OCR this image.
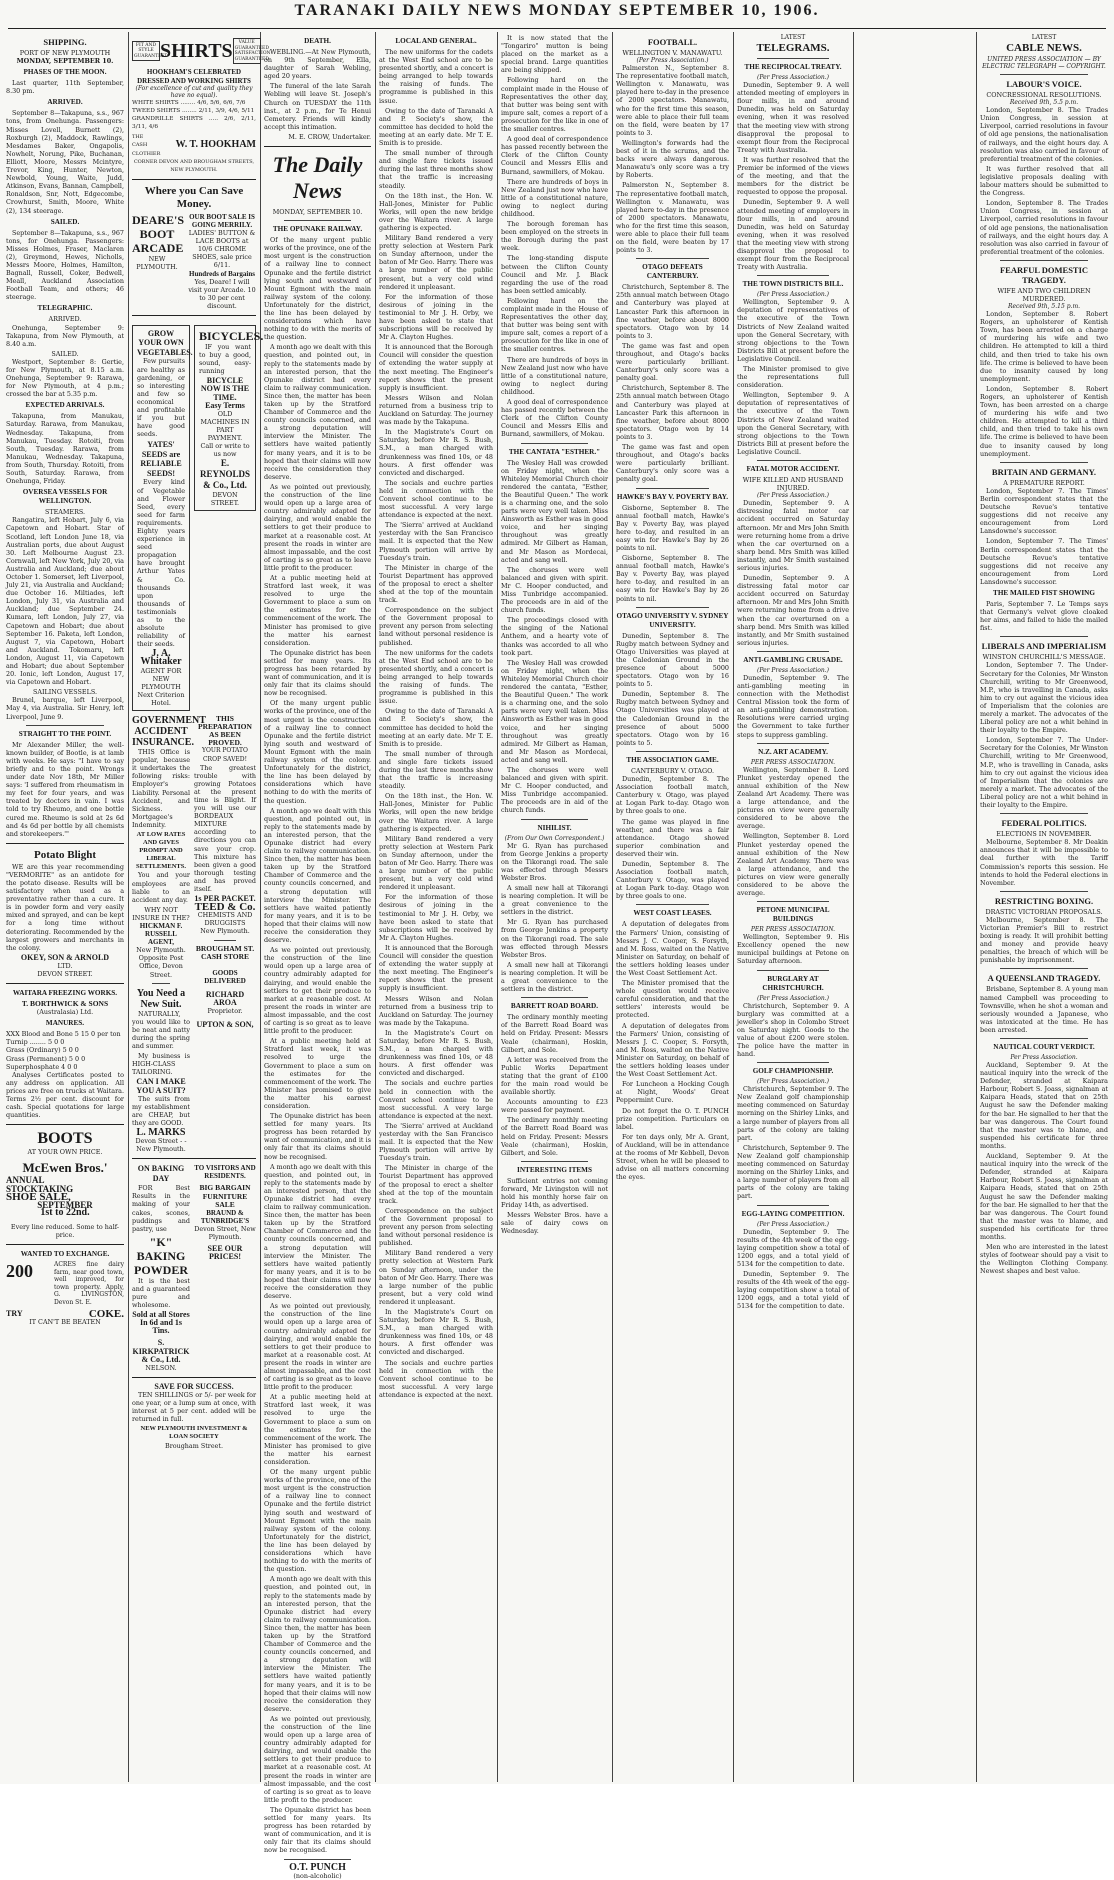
TARANAKI DAILY NEWS MONDAY SEPTEMBER 10, 1906.
SHIPPING.
PORT OF NEW PLYMOUTH
MONDAY, SEPTEMBER 10.
PHASES OF THE MOON.

Last quarter, 11th September, 8.30 pm.

ARRIVED.

September 8—Takapuna, s.s., 967 tons, from Onehunga. Passengers: Misses Lovell, Burnett (2), Roxburgh (2), Maddock, Rawlings, Mesdames Baker, Ongapolis, Nowhelt, Norung, Pike, Buchanan, Elliott, Moore, Messrs Mcintyre, Trevor, King, Hunter, Newton, Newbold, Young, Waite, Judd, Atkinson, Evans, Bannan, Campbell, Ronaldson, Snr, Nott, Edgecombe, Crowhurst, Smith, Moore, White (2), 134 steerage.

SAILED.

September 8—Takapuna, s.s., 967 tons, for Onehunga. Passengers: Misses Holmes, Fraser, Maclaren (2), Greymond, Hewes, Nicholls, Messrs Moore, Holmes, Hamilton, Bagnall, Russell, Coker, Bedwell, Meall, Auckland Association Football Team, and others; 46 steerage.

TELEGRAPHIC.
ARRIVED.

Onehunga, September 9: Takapuna, from New Plymouth, at 8.40 a.m.

SAILED.

Westport, September 8: Gertie, for New Plymouth, at 8.15 a.m. Onehunga, September 9: Rarawa, for New Plymouth, at 4 p.m.; crossed the bar at 5.35 p.m.

EXPECTED ARRIVALS.

Takapuna, from Manukau, Saturday. Rarawa, from Manukau, Wednesday. Takapuna, from Manukau, Tuesday. Rotoiti, from South, Tuesday. Rarawa, from Manukau, Wednesday. Takapuna, from South, Thursday. Rotoiti, from South, Saturday. Rarawa, from Onehunga, Friday.

OVERSEA VESSELS FOR WELLINGTON.
STEAMERS.

Rangatira, left Hobart, July 6, via Capetown and Hobart. Star of Scotland, left London June 18, via Australian ports, due about August 30. Left Melbourne August 23. Cornwall, left New York, July 20, via Australia and Auckland; due about October 1. Somerset, left Liverpool, July 21, via Australia and Auckland; due October 16. Miltiades, left London, July 31, via Australia and Auckland; due September 24. Kumara, left London, July 27, via Capetown and Hobart; due about September 16. Paketa, left London, August 7, via Capetown, Hobart and Auckland. Tokomaru, left London, August 11, via Capetown and Hobart; due about September 20. Ionic, left London, August 17, via Capetown and Hobart.

SAILING VESSELS.

Brunel, barque, left Liverpool, May 4, via Australia. Sir Henry, left Liverpool, June 9.

STRAIGHT TO THE POINT.

Mr Alexander Miller, the well-known builder, of Bootle, is at lamb with weeks. He says: "I have to say briefly and to the point. Wrongs under date Nov 18th, Mr Miller says: 'I suffered from rheumatism in my feet for four years, and was treated by doctors in vain. I was told to try Rheumo, and one bottle cured me. Rheumo is sold at 2s 6d and 4s 6d per bottle by all chemists and storekeepers.'"

Potato Blight

WE are this year recommending "VERMORITE" as an antidote for the potato disease. Results will be satisfactory when used as a preventative rather than a cure. It is in powder form and very easily mixed and sprayed, and can be kept for a long time without deteriorating. Recommended by the largest growers and merchants in the colony.

OKEY, SON & ARNOLD
LTD.
DEVON STREET.
WAITARA FREEZING WORKS.
T. BORTHWICK & SONS
(Australasia) Ltd.
MANURES.
XXX Blood and Bone 5 15 0 per ton
Turnip ........ 5 0 0
Grass (Ordinary) 5 0 0
Grass (Permanent) 5 0 0
Superphosphate 4 0 0

Analyses Certificates posted to any address on application. All prices are free on trucks at Waitara. Terms 2½ per cent. discount for cash. Special quotations for large quantities.

BOOTS
AT YOUR OWN PRICE.
McEwen Bros.'
ANNUAL
STOCKTAKING
SHOE SALE,
SEPTEMBER
1st to 22nd.
Every line reduced. Some to half-price.
WANTED TO EXCHANGE.
200	ACRES fine dairy farm, near good town, well improved, for town property. Apply, G. LIVINGSTON, Devon St. E.
TRY	COKE.
IT CAN'T BE BEATEN
FIT AND STYLE GUARANTEED
SHIRTS	VALUE GUARANTEED SATISFACTION GUARANTEED
HOOKHAM'S CELEBRATED DRESSED AND WORKING SHIRTS
(For excellence of cut and quality they have no equal).
WHITE SHIRTS ........ 4/6, 5/6, 6/6, 7/6
TWEED SHIRTS ........ 2/11, 3/9, 4/6, 5/11
GRANDRILLE SHIRTS ..... 2/6, 2/11, 3/11, 4/6
THE CASH CLOTHIER
W. T. HOOKHAM
CORNER DEVON AND BROUGHAM STREETS, NEW PLYMOUTH.
Where you Can Save Money.
DEARE'S BOOT ARCADE
NEW PLYMOUTH.
OUR BOOT SALE IS GOING MERRILY.
LADIES' BUTTON & LACE BOOTS at 10/6 CHROME SHOES, sale price 6/11.
Hundreds of Bargains
Yes, Deare! I will visit your Arcade. 10 to 30 per cent discount.
GROW YOUR OWN VEGETABLES.

Few pursuits are healthy as gardening, or so interesting and few so economical and profitable if you but have good seeds.

YATES' SEEDS are RELIABLE SEEDS!

Every kind of Vegetable and Flower Seed, every seed for farm requirements. Eighty years experience in seed propagation have brought Arthur Yates & Co. thousands upon thousands of testimonials as to the absolute reliability of their seeds.

J. A. Whitaker
AGENT FOR NEW PLYMOUTH
Next Criterion Hotel.
BICYCLES.

IF you want to buy a good, sound, easy-running

BICYCLE NOW IS THE TIME.
Easy Terms
OLD MACHINES IN PART PAYMENT.
Call or write to us now
E. REYNOLDS & Co., Ltd.
DEVON STREET.
GOVERNMENT ACCIDENT INSURANCE.

THIS Office is popular, because it undertakes the following risks: Employer's Liability. Personal Accident, and Sickness. Mortgagee's Indemnity.

AT LOW RATES AND GIVES PROMPT AND LIBERAL SETTLEMENTS.

You and your employees are liable to an accident any day.

WHY NOT INSURE IN THE?
HICKMAN F. RUSSELL AGENT,
New Plymouth. Opposite Post Office, Devon Street.
You Need a New Suit.

NATURALLY, you would like to be neat and natty during the spring and summer.

My business is HIGH-CLASS TAILORING.

CAN I MAKE YOU A SUIT?

The suits from my establishment are CHEAP, but they are GOOD.

L. MARKS
Devon Street - - New Plymouth.
THIS PREPARATION AS BEEN PROVED.
YOUR POTATO CROP SAVED!

The greatest trouble with growing Potatoes at the present time is Blight. If you will use our BORDEAUX MIXTURE according to directions you can save your crop. This mixture has been given a good thorough testing and has proved itself.

1s PER PACKET.
TEED & Co.
CHEMISTS AND DRUGGISTS
New Plymouth.
BROUGHAM ST. CASH STORE
GOODS DELIVERED
RICHARD AROA
Proprietor.
UPTON & SON,
ON BAKING DAY

FOR Best Results in the making of your cakes, scones, puddings and pastry, use

"K" BAKING POWDER

It is the best and a guaranteed pure and wholesome.

Sold at all Stores In 6d and 1s Tins.
S. KIRKPATRICK & Co., Ltd.
NELSON.
TO VISITORS AND RESIDENTS.
BIG BARGAIN FURNITURE SALE
BRAUND & TUNBRIDGE'S
Devon Street, New Plymouth.
SEE OUR PRICES!
SAVE FOR SUCCESS.

TEN SHILLINGS or 5/- per week for one year, or a lump sum at once, with interest at 5 per cent. added will be returned in full.

NEW PLYMOUTH INVESTMENT & LOAN SOCIETY
Brougham Street.
DEATH.

WEBLING.—At New Plymouth, on 9th September, Ella, daughter of Sarah Webling, aged 20 years.

The funeral of the late Sarah Webling will leave St. Joseph's Church on TUESDAY the 11th inst., at 2 p.m., for Te Henui Cemetery. Friends will kindly accept this intimation.

M. E. CROW, Undertaker.
The Daily News
MONDAY, SEPTEMBER 10.
THE OPUNAKE RAILWAY.

Of the many urgent public works of the province, one of the most urgent is the construction of a railway line to connect Opunake and the fertile district lying south and westward of Mount Egmont with the main railway system of the colony. Unfortunately for the district, the line has been delayed by considerations which have nothing to do with the merits of the question.

A month ago we dealt with this question, and pointed out, in reply to the statements made by an interested person, that the Opunake district had every claim to railway communication. Since then, the matter has been taken up by the Stratford Chamber of Commerce and the county councils concerned, and a strong deputation will interview the Minister. The settlers have waited patiently for many years, and it is to be hoped that their claims will now receive the consideration they deserve.

As we pointed out previously, the construction of the line would open up a large area of country admirably adapted for dairying, and would enable the settlers to get their produce to market at a reasonable cost. At present the roads in winter are almost impassable, and the cost of carting is so great as to leave little profit to the producer.

At a public meeting held at Stratford last week, it was resolved to urge the Government to place a sum on the estimates for the commencement of the work. The Minister has promised to give the matter his earnest consideration.

The Opunake district has been settled for many years. Its progress has been retarded by want of communication, and it is only fair that its claims should now be recognised.

Of the many urgent public works of the province, one of the most urgent is the construction of a railway line to connect Opunake and the fertile district lying south and westward of Mount Egmont with the main railway system of the colony. Unfortunately for the district, the line has been delayed by considerations which have nothing to do with the merits of the question.

A month ago we dealt with this question, and pointed out, in reply to the statements made by an interested person, that the Opunake district had every claim to railway communication. Since then, the matter has been taken up by the Stratford Chamber of Commerce and the county councils concerned, and a strong deputation will interview the Minister. The settlers have waited patiently for many years, and it is to be hoped that their claims will now receive the consideration they deserve.

As we pointed out previously, the construction of the line would open up a large area of country admirably adapted for dairying, and would enable the settlers to get their produce to market at a reasonable cost. At present the roads in winter are almost impassable, and the cost of carting is so great as to leave little profit to the producer.

At a public meeting held at Stratford last week, it was resolved to urge the Government to place a sum on the estimates for the commencement of the work. The Minister has promised to give the matter his earnest consideration.

The Opunake district has been settled for many years. Its progress has been retarded by want of communication, and it is only fair that its claims should now be recognised.

A month ago we dealt with this question, and pointed out, in reply to the statements made by an interested person, that the Opunake district had every claim to railway communication. Since then, the matter has been taken up by the Stratford Chamber of Commerce and the county councils concerned, and a strong deputation will interview the Minister. The settlers have waited patiently for many years, and it is to be hoped that their claims will now receive the consideration they deserve.

As we pointed out previously, the construction of the line would open up a large area of country admirably adapted for dairying, and would enable the settlers to get their produce to market at a reasonable cost. At present the roads in winter are almost impassable, and the cost of carting is so great as to leave little profit to the producer.

At a public meeting held at Stratford last week, it was resolved to urge the Government to place a sum on the estimates for the commencement of the work. The Minister has promised to give the matter his earnest consideration.

Of the many urgent public works of the province, one of the most urgent is the construction of a railway line to connect Opunake and the fertile district lying south and westward of Mount Egmont with the main railway system of the colony. Unfortunately for the district, the line has been delayed by considerations which have nothing to do with the merits of the question.

A month ago we dealt with this question, and pointed out, in reply to the statements made by an interested person, that the Opunake district had every claim to railway communication. Since then, the matter has been taken up by the Stratford Chamber of Commerce and the county councils concerned, and a strong deputation will interview the Minister. The settlers have waited patiently for many years, and it is to be hoped that their claims will now receive the consideration they deserve.

As we pointed out previously, the construction of the line would open up a large area of country admirably adapted for dairying, and would enable the settlers to get their produce to market at a reasonable cost. At present the roads in winter are almost impassable, and the cost of carting is so great as to leave little profit to the producer.

The Opunake district has been settled for many years. Its progress has been retarded by want of communication, and it is only fair that its claims should now be recognised.

O.T. PUNCH
(non-alcoholic)
LOCAL AND GENERAL.

The new uniforms for the cadets at the West End school are to be presented shortly, and a concert is being arranged to help towards the raising of funds. The programme is published in this issue.

Owing to the date of Taranaki A and P. Society's show, the committee has decided to hold the meeting at an early date. Mr T. E. Smith is to preside.

The small number of through and single fare tickets issued during the last three months show that the traffic is increasing steadily.

On the 18th inst., the Hon. W. Hall-Jones, Minister for Public Works, will open the new bridge over the Waitara river. A large gathering is expected.

Military Band rendered a very pretty selection at Western Park on Sunday afternoon, under the baton of Mr Geo. Harry. There was a large number of the public present, but a very cold wind rendered it unpleasant.

For the information of those desirous of joining in the testimonial to Mr J. H. Orby, we have been asked to state that subscriptions will be received by Mr A. Clayton Hughes.

It is announced that the Borough Council will consider the question of extending the water supply at the next meeting. The Engineer's report shows that the present supply is insufficient.

Messrs Wilson and Nolan returned from a business trip to Auckland on Saturday. The journey was made by the Takapuna.

In the Magistrate's Court on Saturday, before Mr R. S. Bush, S.M., a man charged with drunkenness was fined 10s, or 48 hours. A first offender was convicted and discharged.

The socials and euchre parties held in connection with the Convent school continue to be most successful. A very large attendance is expected at the next.

The 'Sierra' arrived at Auckland yesterday with the San Francisco mail. It is expected that the New Plymouth portion will arrive by Tuesday's train.

The Minister in charge of the Tourist Department has approved of the proposal to erect a shelter shed at the top of the mountain track.

Correspondence on the subject of the Government proposal to prevent any person from selecting land without personal residence is published.

The new uniforms for the cadets at the West End school are to be presented shortly, and a concert is being arranged to help towards the raising of funds. The programme is published in this issue.

Owing to the date of Taranaki A and P. Society's show, the committee has decided to hold the meeting at an early date. Mr T. E. Smith is to preside.

The small number of through and single fare tickets issued during the last three months show that the traffic is increasing steadily.

On the 18th inst., the Hon. W. Hall-Jones, Minister for Public Works, will open the new bridge over the Waitara river. A large gathering is expected.

Military Band rendered a very pretty selection at Western Park on Sunday afternoon, under the baton of Mr Geo. Harry. There was a large number of the public present, but a very cold wind rendered it unpleasant.

For the information of those desirous of joining in the testimonial to Mr J. H. Orby, we have been asked to state that subscriptions will be received by Mr A. Clayton Hughes.

It is announced that the Borough Council will consider the question of extending the water supply at the next meeting. The Engineer's report shows that the present supply is insufficient.

Messrs Wilson and Nolan returned from a business trip to Auckland on Saturday. The journey was made by the Takapuna.

In the Magistrate's Court on Saturday, before Mr R. S. Bush, S.M., a man charged with drunkenness was fined 10s, or 48 hours. A first offender was convicted and discharged.

The socials and euchre parties held in connection with the Convent school continue to be most successful. A very large attendance is expected at the next.

The 'Sierra' arrived at Auckland yesterday with the San Francisco mail. It is expected that the New Plymouth portion will arrive by Tuesday's train.

The Minister in charge of the Tourist Department has approved of the proposal to erect a shelter shed at the top of the mountain track.

Correspondence on the subject of the Government proposal to prevent any person from selecting land without personal residence is published.

Military Band rendered a very pretty selection at Western Park on Sunday afternoon, under the baton of Mr Geo. Harry. There was a large number of the public present, but a very cold wind rendered it unpleasant.

In the Magistrate's Court on Saturday, before Mr R. S. Bush, S.M., a man charged with drunkenness was fined 10s, or 48 hours. A first offender was convicted and discharged.

The socials and euchre parties held in connection with the Convent school continue to be most successful. A very large attendance is expected at the next.

It is now stated that the "Tongariro" mutton is being placed on the market as a special brand. Large quantities are being shipped.

Following hard on the complaint made in the House of Representatives the other day, that butter was being sent with impure salt, comes a report of a prosecution for the like in one of the smaller centres.

A good deal of correspondence has passed recently between the Clerk of the Clifton County Council and Messrs Ellis and Burnand, sawmillers, of Mokau.

There are hundreds of boys in New Zealand just now who have little of a constitutional nature, owing to neglect during childhood.

The borough foreman has been employed on the streets in the Borough during the past week.

The long-standing dispute between the Clifton County Council and Mr. J. Black regarding the use of the road has been settled amicably.

Following hard on the complaint made in the House of Representatives the other day, that butter was being sent with impure salt, comes a report of a prosecution for the like in one of the smaller centres.

There are hundreds of boys in New Zealand just now who have little of a constitutional nature, owing to neglect during childhood.

A good deal of correspondence has passed recently between the Clerk of the Clifton County Council and Messrs Ellis and Burnand, sawmillers, of Mokau.

THE CANTATA "ESTHER."

The Wesley Hall was crowded on Friday night, when the Whiteley Memorial Church choir rendered the cantata, "Esther, the Beautiful Queen." The work is a charming one, and the solo parts were very well taken. Miss Ainsworth as Esther was in good voice, and her singing throughout was greatly admired. Mr Gilbert as Haman, and Mr Mason as Mordecai, acted and sang well.

The choruses were well balanced and given with spirit. Mr C. Hooper conducted, and Miss Tunbridge accompanied. The proceeds are in aid of the church funds.

The proceedings closed with the singing of the National Anthem, and a hearty vote of thanks was accorded to all who took part.

The Wesley Hall was crowded on Friday night, when the Whiteley Memorial Church choir rendered the cantata, "Esther, the Beautiful Queen." The work is a charming one, and the solo parts were very well taken. Miss Ainsworth as Esther was in good voice, and her singing throughout was greatly admired. Mr Gilbert as Haman, and Mr Mason as Mordecai, acted and sang well.

The choruses were well balanced and given with spirit. Mr C. Hooper conducted, and Miss Tunbridge accompanied. The proceeds are in aid of the church funds.

NIHILIST.
(From Our Own Correspondent.)

Mr G. Ryan has purchased from George Jenkins a property on the Tikorangi road. The sale was effected through Messrs Webster Bros.

A small new hall at Tikorangi is nearing completion. It will be a great convenience to the settlers in the district.

Mr G. Ryan has purchased from George Jenkins a property on the Tikorangi road. The sale was effected through Messrs Webster Bros.

A small new hall at Tikorangi is nearing completion. It will be a great convenience to the settlers in the district.

BARRETT ROAD BOARD.

The ordinary monthly meeting of the Barrett Road Board was held on Friday. Present: Messrs Veale (chairman), Hoskin, Gilbert, and Sole.

A letter was received from the Public Works Department stating that the grant of £100 for the main road would be available shortly.

Accounts amounting to £23 were passed for payment.

The ordinary monthly meeting of the Barrett Road Board was held on Friday. Present: Messrs Veale (chairman), Hoskin, Gilbert, and Sole.

INTERESTING ITEMS

Sufficient entries not coming forward, Mr Livingston will not hold his monthly horse fair on Friday 14th, as advertised.

Messrs Webster Bros. have a sale of dairy cows on Wednesday.

FOOTBALL.
WELLINGTON V. MANAWATU.
(Per Press Association.)

Palmerston N., September 8. The representative football match, Wellington v. Manawatu, was played here to-day in the presence of 2000 spectators. Manawatu, who for the first time this season, were able to place their full team on the field, were beaten by 17 points to 3.

Wellington's forwards had the best of it in the scrums, and the backs were always dangerous. Manawatu's only score was a try by Roberts.

Palmerston N., September 8. The representative football match, Wellington v. Manawatu, was played here to-day in the presence of 2000 spectators. Manawatu, who for the first time this season, were able to place their full team on the field, were beaten by 17 points to 3.

OTAGO DEFEATS CANTERBURY.

Christchurch, September 8. The 25th annual match between Otago and Canterbury was played at Lancaster Park this afternoon in fine weather, before about 8000 spectators. Otago won by 14 points to 3.

The game was fast and open throughout, and Otago's backs were particularly brilliant. Canterbury's only score was a penalty goal.

Christchurch, September 8. The 25th annual match between Otago and Canterbury was played at Lancaster Park this afternoon in fine weather, before about 8000 spectators. Otago won by 14 points to 3.

The game was fast and open throughout, and Otago's backs were particularly brilliant. Canterbury's only score was a penalty goal.

HAWKE'S BAY V. POVERTY BAY.

Gisborne, September 8. The annual football match, Hawke's Bay v. Poverty Bay, was played here to-day, and resulted in an easy win for Hawke's Bay by 26 points to nil.

Gisborne, September 8. The annual football match, Hawke's Bay v. Poverty Bay, was played here to-day, and resulted in an easy win for Hawke's Bay by 26 points to nil.

OTAGO UNIVERSITY V. SYDNEY UNIVERSITY.

Dunedin, September 8. The Rugby match between Sydney and Otago Universities was played at the Caledonian Ground in the presence of about 5000 spectators. Otago won by 16 points to 5.

Dunedin, September 8. The Rugby match between Sydney and Otago Universities was played at the Caledonian Ground in the presence of about 5000 spectators. Otago won by 16 points to 5.

THE ASSOCIATION GAME.
CANTERBURY V. OTAGO.

Dunedin, September 8. The Association football match, Canterbury v. Otago, was played at Logan Park to-day. Otago won by three goals to one.

The game was played in fine weather, and there was a fair attendance. Otago showed superior combination and deserved their win.

Dunedin, September 8. The Association football match, Canterbury v. Otago, was played at Logan Park to-day. Otago won by three goals to one.

WEST COAST LEASES.

A deputation of delegates from the Farmers' Union, consisting of Messrs J. C. Cooper, S. Forsyth, and M. Ross, waited on the Native Minister on Saturday, on behalf of the settlers holding leases under the West Coast Settlement Act.

The Minister promised that the whole question would receive careful consideration, and that the settlers' interests would be protected.

A deputation of delegates from the Farmers' Union, consisting of Messrs J. C. Cooper, S. Forsyth, and M. Ross, waited on the Native Minister on Saturday, on behalf of the settlers holding leases under the West Coast Settlement Act.

For Luncheon a Hocking Cough at Night, Woods' Great Peppermint Cure.

Do not forget the O. T. PUNCH prize competition. Particulars on label.

For ten days only, Mr A. Grant, of Auckland, will be in attendance at the rooms of Mr Kebbell, Devon Street, when he will be pleased to advise on all matters concerning the eyes.

LATEST
TELEGRAMS.
THE RECIPROCAL TREATY.
(Per Press Association.)

Dunedin, September 9. A well attended meeting of employers in flour mills, in and around Dunedin, was held on Saturday evening, when it was resolved that the meeting view with strong disapproval the proposal to exempt flour from the Reciprocal Treaty with Australia.

It was further resolved that the Premier be informed of the views of the meeting, and that the members for the district be requested to oppose the proposal.

Dunedin, September 9. A well attended meeting of employers in flour mills, in and around Dunedin, was held on Saturday evening, when it was resolved that the meeting view with strong disapproval the proposal to exempt flour from the Reciprocal Treaty with Australia.

THE TOWN DISTRICTS BILL.
(Per Press Association.)

Wellington, September 9. A deputation of representatives of the executive of the Town Districts of New Zealand waited upon the General Secretary, with strong objections to the Town Districts Bill at present before the Legislative Council.

The Minister promised to give the representations full consideration.

Wellington, September 9. A deputation of representatives of the executive of the Town Districts of New Zealand waited upon the General Secretary, with strong objections to the Town Districts Bill at present before the Legislative Council.

FATAL MOTOR ACCIDENT.
WIFE KILLED AND HUSBAND INJURED.
(Per Press Association.)

Dunedin, September 9. A distressing fatal motor car accident occurred on Saturday afternoon. Mr and Mrs John Smith were returning home from a drive when the car overturned on a sharp bend. Mrs Smith was killed instantly, and Mr Smith sustained serious injuries.

Dunedin, September 9. A distressing fatal motor car accident occurred on Saturday afternoon. Mr and Mrs John Smith were returning home from a drive when the car overturned on a sharp bend. Mrs Smith was killed instantly, and Mr Smith sustained serious injuries.

ANTI-GAMBLING CRUSADE.
(Per Press Association.)

Dunedin, September 9. The anti-gambling meeting in connection with the Methodist Central Mission took the form of an anti-gambling demonstration. Resolutions were carried urging the Government to take further steps to suppress gambling.

N.Z. ART ACADEMY.
PER PRESS ASSOCIATION.

Wellington, September 8. Lord Plunket yesterday opened the annual exhibition of the New Zealand Art Academy. There was a large attendance, and the pictures on view were generally considered to be above the average.

Wellington, September 8. Lord Plunket yesterday opened the annual exhibition of the New Zealand Art Academy. There was a large attendance, and the pictures on view were generally considered to be above the average.

PETONE MUNICIPAL BUILDINGS
PER PRESS ASSOCIATION.

Wellington, September 9. His Excellency opened the new municipal buildings at Petone on Saturday afternoon.

BURGLARY AT CHRISTCHURCH.
(Per Press Association.)

Christchurch, September 9. A burglary was committed at a jeweller's shop in Colombo Street on Saturday night. Goods to the value of about £200 were stolen. The police have the matter in hand.

GOLF CHAMPIONSHIP.
(Per Press Association.)

Christchurch, September 9. The New Zealand golf championship meeting commenced on Saturday morning on the Shirley Links, and a large number of players from all parts of the colony are taking part.

Christchurch, September 9. The New Zealand golf championship meeting commenced on Saturday morning on the Shirley Links, and a large number of players from all parts of the colony are taking part.

EGG-LAYING COMPETITION.
(Per Press Association.)

Dunedin, September 9. The results of the 4th week of the egg-laying competition show a total of 1200 eggs, and a total yield of 5134 for the competition to date.

Dunedin, September 9. The results of the 4th week of the egg-laying competition show a total of 1200 eggs, and a total yield of 5134 for the competition to date.

LATEST
CABLE NEWS.
UNITED PRESS ASSOCIATION — BY ELECTRIC TELEGRAPH — COPYRIGHT.
LABOUR'S VOICE.
CONCRESSIONAL RESOLUTIONS.
Received 9th, 5.5 p.m.

London, September 8. The Trades Union Congress, in session at Liverpool, carried resolutions in favour of old age pensions, the nationalisation of railways, and the eight hours day. A resolution was also carried in favour of preferential treatment of the colonies.

It was further resolved that all legislative proposals dealing with labour matters should be submitted to the Congress.

London, September 8. The Trades Union Congress, in session at Liverpool, carried resolutions in favour of old age pensions, the nationalisation of railways, and the eight hours day. A resolution was also carried in favour of preferential treatment of the colonies.

FEARFUL DOMESTIC TRAGEDY.
WIFE AND TWO CHILDREN MURDERED.
Received 9th, 5.15 p.m.

London, September 8. Robert Rogers, an upholsterer of Kentish Town, has been arrested on a charge of murdering his wife and two children. He attempted to kill a third child, and then tried to take his own life. The crime is believed to have been due to insanity caused by long unemployment.

London, September 8. Robert Rogers, an upholsterer of Kentish Town, has been arrested on a charge of murdering his wife and two children. He attempted to kill a third child, and then tried to take his own life. The crime is believed to have been due to insanity caused by long unemployment.

BRITAIN AND GERMANY.
A PREMATURE REPORT.

London, September 7. The Times' Berlin correspondent states that the Deutsche Revue's tentative suggestions did not receive any encouragement from Lord Lansdowne's successor.

London, September 7. The Times' Berlin correspondent states that the Deutsche Revue's tentative suggestions did not receive any encouragement from Lord Lansdowne's successor.

THE MAILED FIST SHOWING

Paris, September 7. Le Temps says that Germany's velvet glove cloaked her aims, and failed to hide the mailed fist.

LIBERALS AND IMPERIALISM
WINSTON CHURCHILL'S MESSAGE.

London, September 7. The Under-Secretary for the Colonies, Mr Winston Churchill, writing to Mr Greenwood, M.P., who is travelling in Canada, asks him to cry out against the vicious idea of Imperialism that the colonies are merely a market. The advocates of the Liberal policy are not a whit behind in their loyalty to the Empire.

London, September 7. The Under-Secretary for the Colonies, Mr Winston Churchill, writing to Mr Greenwood, M.P., who is travelling in Canada, asks him to cry out against the vicious idea of Imperialism that the colonies are merely a market. The advocates of the Liberal policy are not a whit behind in their loyalty to the Empire.

FEDERAL POLITICS.
ELECTIONS IN NOVEMBER.

Melbourne, September 8. Mr Deakin announces that it will be impossible to deal further with the Tariff Commission's reports this session. He intends to hold the Federal elections in November.

RESTRICTING BOXING.
DRASTIC VICTORIAN PROPOSALS.

Melbourne, September 8. The Victorian Premier's Bill to restrict boxing is ready. It will prohibit betting and money and provide heavy penalties, the breach of which will be punishable by imprisonment.

A QUEENSLAND TRAGEDY.

Brisbane, September 8. A young man named Campbell was proceeding to Townsville, when he shot a woman and seriously wounded a Japanese, who was intoxicated at the time. He has been arrested.

NAUTICAL COURT VERDICT.
Per Press Association.

Auckland, September 9. At the nautical inquiry into the wreck of the Defender, stranded at Kaipara Harbour, Robert S. Joass, signalman at Kaipara Heads, stated that on 25th August he saw the Defender making for the bar. He signalled to her that the bar was dangerous. The Court found that the master was to blame, and suspended his certificate for three months.

Auckland, September 9. At the nautical inquiry into the wreck of the Defender, stranded at Kaipara Harbour, Robert S. Joass, signalman at Kaipara Heads, stated that on 25th August he saw the Defender making for the bar. He signalled to her that the bar was dangerous. The Court found that the master was to blame, and suspended his certificate for three months.

Men who are interested in the latest styles of footwear should pay a visit to the Wellington Clothing Company. Newest shapes and best value.
